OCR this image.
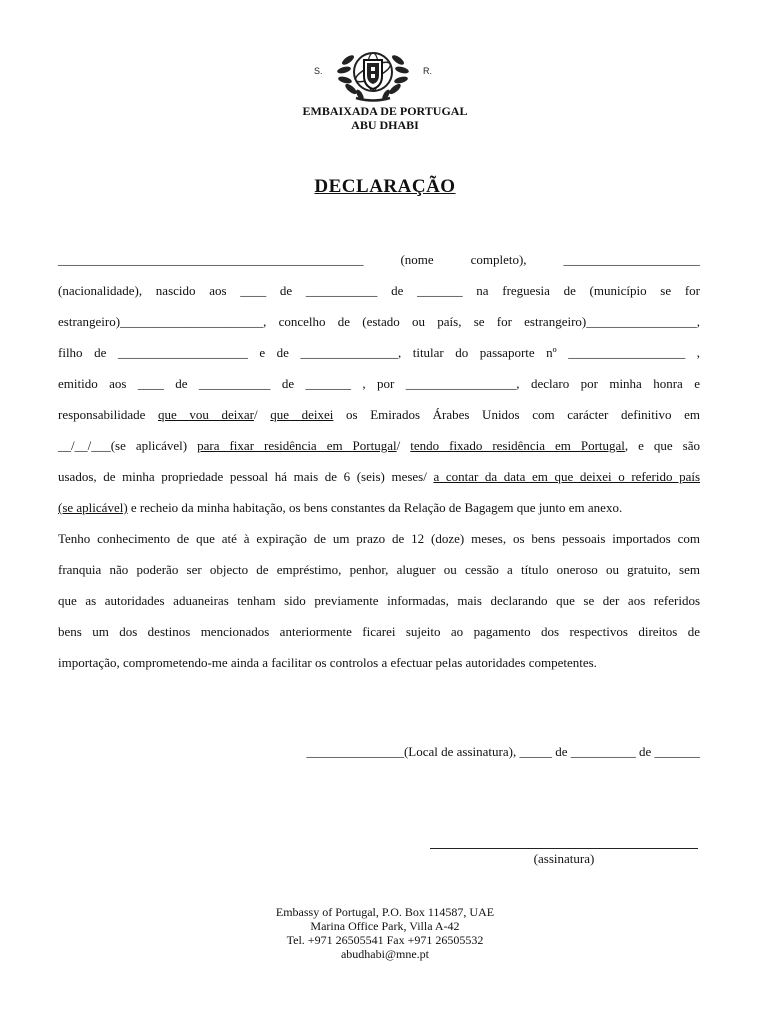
S.	R.
EMBAIXADA DE PORTUGAL
ABU DHABI
DECLARAÇÃO
_______________________________________________ (nome completo), _____________________
(nacionalidade), nascido aos ____ de ___________ de _______ na freguesia de (município se for
estrangeiro)______________________, concelho de (estado ou país, se for estrangeiro)_________________,
filho de ____________________ e de _______________, titular do passaporte nº __________________ ,
emitido aos ____ de ___________ de _______ , por _________________, declaro por minha honra e
responsabilidade que vou deixar/ que deixei os Emirados Árabes Unidos com carácter definitivo em
__/__/___(se aplicável) para fixar residência em Portugal/ tendo fixado residência em Portugal, e que são
usados, de minha propriedade pessoal há mais de 6 (seis) meses/ a contar da data em que deixei o referido país
(se aplicável) e recheio da minha habitação, os bens constantes da Relação de Bagagem que junto em anexo.
Tenho conhecimento de que até à expiração de um prazo de 12 (doze) meses, os bens pessoais importados com
franquia não poderão ser objecto de empréstimo, penhor, aluguer ou cessão a título oneroso ou gratuito, sem
que as autoridades aduaneiras tenham sido previamente informadas, mais declarando que se der aos referidos
bens um dos destinos mencionados anteriormente ficarei sujeito ao pagamento dos respectivos direitos de
importação, comprometendo-me ainda a facilitar os controlos a efectuar pelas autoridades competentes.
_______________(Local de assinatura), _____ de __________ de _______
(assinatura)
Embassy of Portugal, P.O. Box 114587, UAE
Marina Office Park, Villa A-42
Tel. +971 26505541 Fax +971 26505532
abudhabi@mne.pt
